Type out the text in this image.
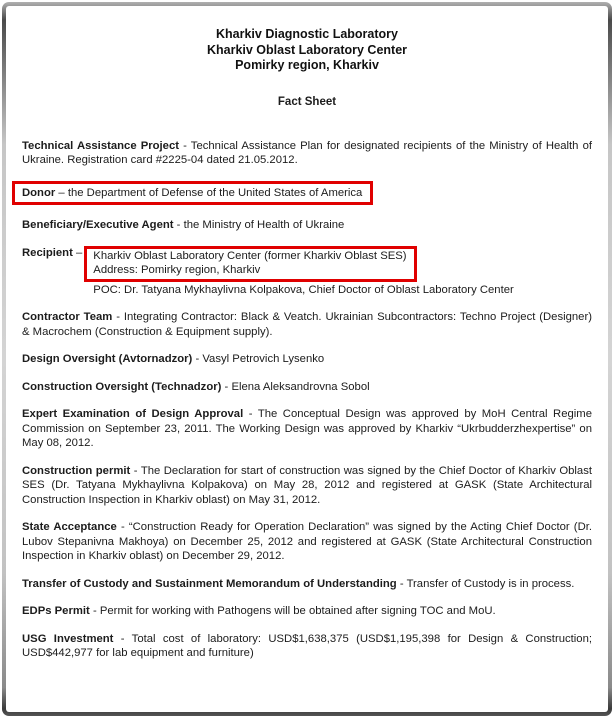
Kharkiv Diagnostic Laboratory
Kharkiv Oblast Laboratory Center
Pomirky region, Kharkiv
Fact Sheet

Technical Assistance Project - Technical Assistance Plan for designated recipients of the Ministry of Health of Ukraine. Registration card #2225-04 dated 21.05.2012.

Donor – the Department of Defense of the United States of America

Beneficiary/Executive Agent - the Ministry of Health of Ukraine

Recipient – Kharkiv Oblast Laboratory Center (former Kharkiv Oblast SES)
Address: Pomirky region, Kharkiv
POC: Dr. Tatyana Mykhaylivna Kolpakova, Chief Doctor of Oblast Laboratory Center

Contractor Team - Integrating Contractor: Black & Veatch. Ukrainian Subcontractors: Techno Project (Designer) & Macrochem (Construction & Equipment supply).

Design Oversight (Avtornadzor) - Vasyl Petrovich Lysenko

Construction Oversight (Technadzor) - Elena Aleksandrovna Sobol

Expert Examination of Design Approval - The Conceptual Design was approved by MoH Central Regime Commission on September 23, 2011. The Working Design was approved by Kharkiv “Ukrbudderzhexpertise” on May 08, 2012.

Construction permit - The Declaration for start of construction was signed by the Chief Doctor of Kharkiv Oblast SES (Dr. Tatyana Mykhaylivna Kolpakova) on May 28, 2012 and registered at GASK (State Architectural Construction Inspection in Kharkiv oblast) on May 31, 2012.

State Acceptance - “Construction Ready for Operation Declaration” was signed by the Acting Chief Doctor (Dr. Lubov Stepanivna Makhoya) on December 25, 2012 and registered at GASK (State Architectural Construction Inspection in Kharkiv oblast) on December 29, 2012.

Transfer of Custody and Sustainment Memorandum of Understanding - Transfer of Custody is in process.

EDPs Permit - Permit for working with Pathogens will be obtained after signing TOC and MoU.

USG Investment - Total cost of laboratory: USD$1,638,375 (USD$1,195,398 for Design & Construction; USD$442,977 for lab equipment and furniture)
